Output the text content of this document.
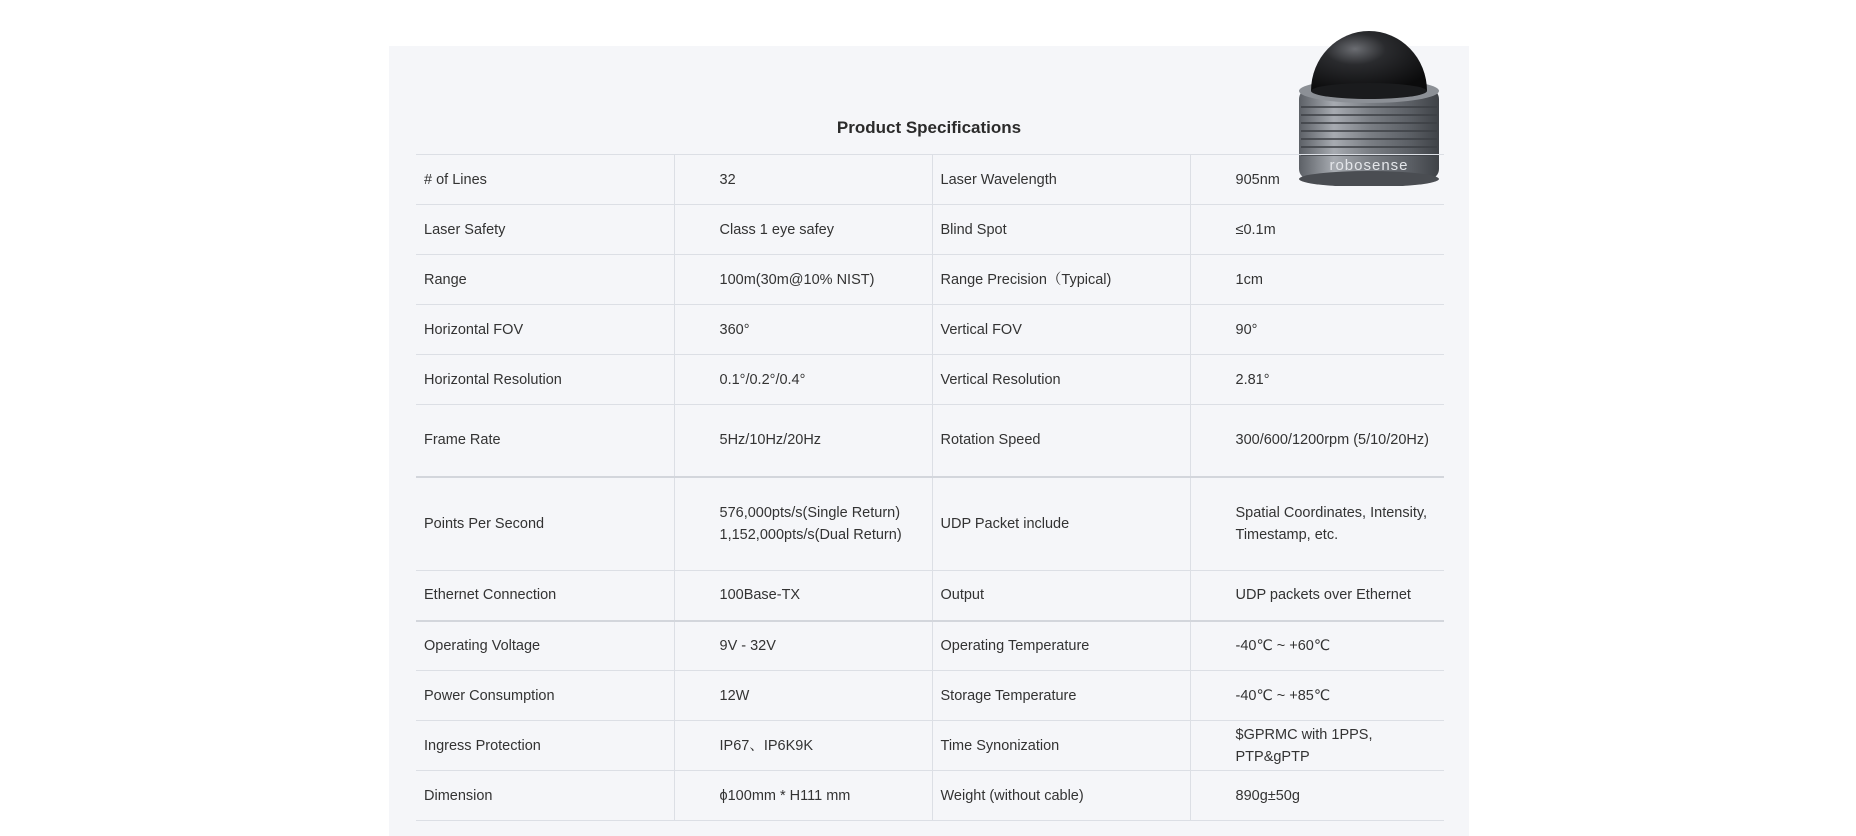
Product Specifications
robosense
# of Lines	32	Laser Wavelength	905nm
Laser Safety	Class 1 eye safey	Blind Spot	≤0.1m
Range	100m(30m@10% NIST)	Range Precision（Typical)	1cm
Horizontal FOV	360°	Vertical FOV	90°
Horizontal Resolution	0.1°/0.2°/0.4°	Vertical Resolution	2.81°
Frame Rate	5Hz/10Hz/20Hz	Rotation Speed	300/600/1200rpm (5/10/20Hz)
Points Per Second	576,000pts/s(Single Return) 1,152,000pts/s(Dual Return)	UDP Packet include	Spatial Coordinates, Intensity, Timestamp, etc.
Ethernet Connection	100Base-TX	Output	UDP packets over Ethernet
Operating Voltage	9V - 32V	Operating Temperature	-40℃ ~ +60℃
Power Consumption	12W	Storage Temperature	-40℃ ~ +85℃
Ingress Protection	IP67、IP6K9K	Time Synonization	$GPRMC with 1PPS, PTP&gPTP
Dimension	ϕ100mm * H111 mm	Weight (without cable)	890g±50g
